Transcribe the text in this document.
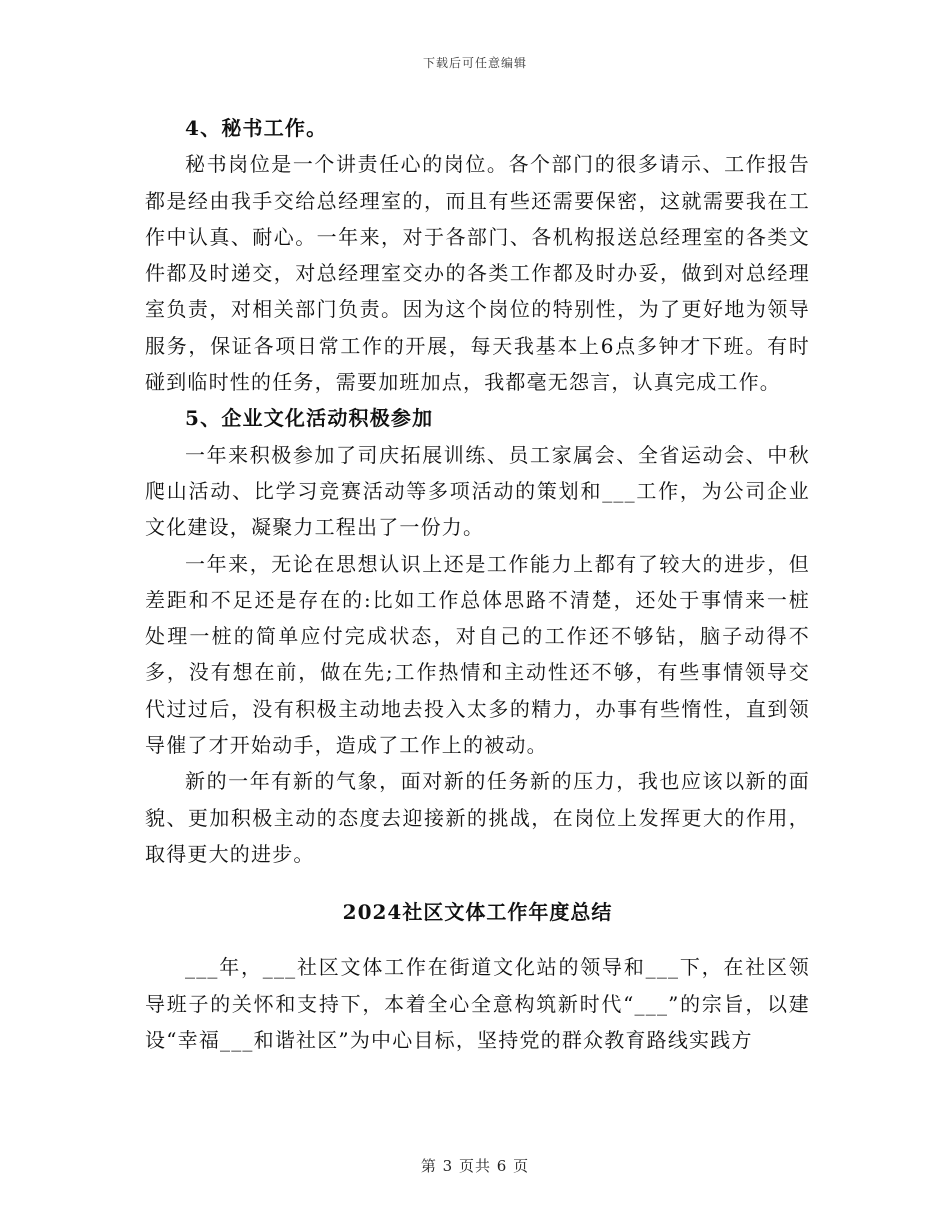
下载后可任意编辑

4、秘书工作。

秘书岗位是一个讲责任心的岗位。各个部门的很多请示、工作报告都是经由我手交给总经理室的，而且有些还需要保密，这就需要我在工作中认真、耐心。一年来，对于各部门、各机构报送总经理室的各类文件都及时递交，对总经理室交办的各类工作都及时办妥，做到对总经理室负责，对相关部门负责。因为这个岗位的特别性，为了更好地为领导服务，保证各项日常工作的开展，每天我基本上6点多钟才下班。有时碰到临时性的任务，需要加班加点，我都毫无怨言，认真完成工作。

5、企业文化活动积极参加

一年来积极参加了司庆拓展训练、员工家属会、全省运动会、中秋爬山活动、比学习竞赛活动等多项活动的策划和___工作，为公司企业文化建设，凝聚力工程出了一份力。

一年来，无论在思想认识上还是工作能力上都有了较大的进步，但差距和不足还是存在的:比如工作总体思路不清楚，还处于事情来一桩处理一桩的简单应付完成状态，对自己的工作还不够钻，脑子动得不多，没有想在前，做在先;工作热情和主动性还不够，有些事情领导交代过过后，没有积极主动地去投入太多的精力，办事有些惰性，直到领导催了才开始动手，造成了工作上的被动。

新的一年有新的气象，面对新的任务新的压力，我也应该以新的面貌、更加积极主动的态度去迎接新的挑战，在岗位上发挥更大的作用，取得更大的进步。

2024社区文体工作年度总结

___年，___社区文体工作在街道文化站的领导和___下，在社区领导班子的关怀和支持下，本着全心全意构筑新时代“___”的宗旨，以建设“幸福___和谐社区”为中心目标，坚持党的群众教育路线实践方

第 3 页共 6 页
